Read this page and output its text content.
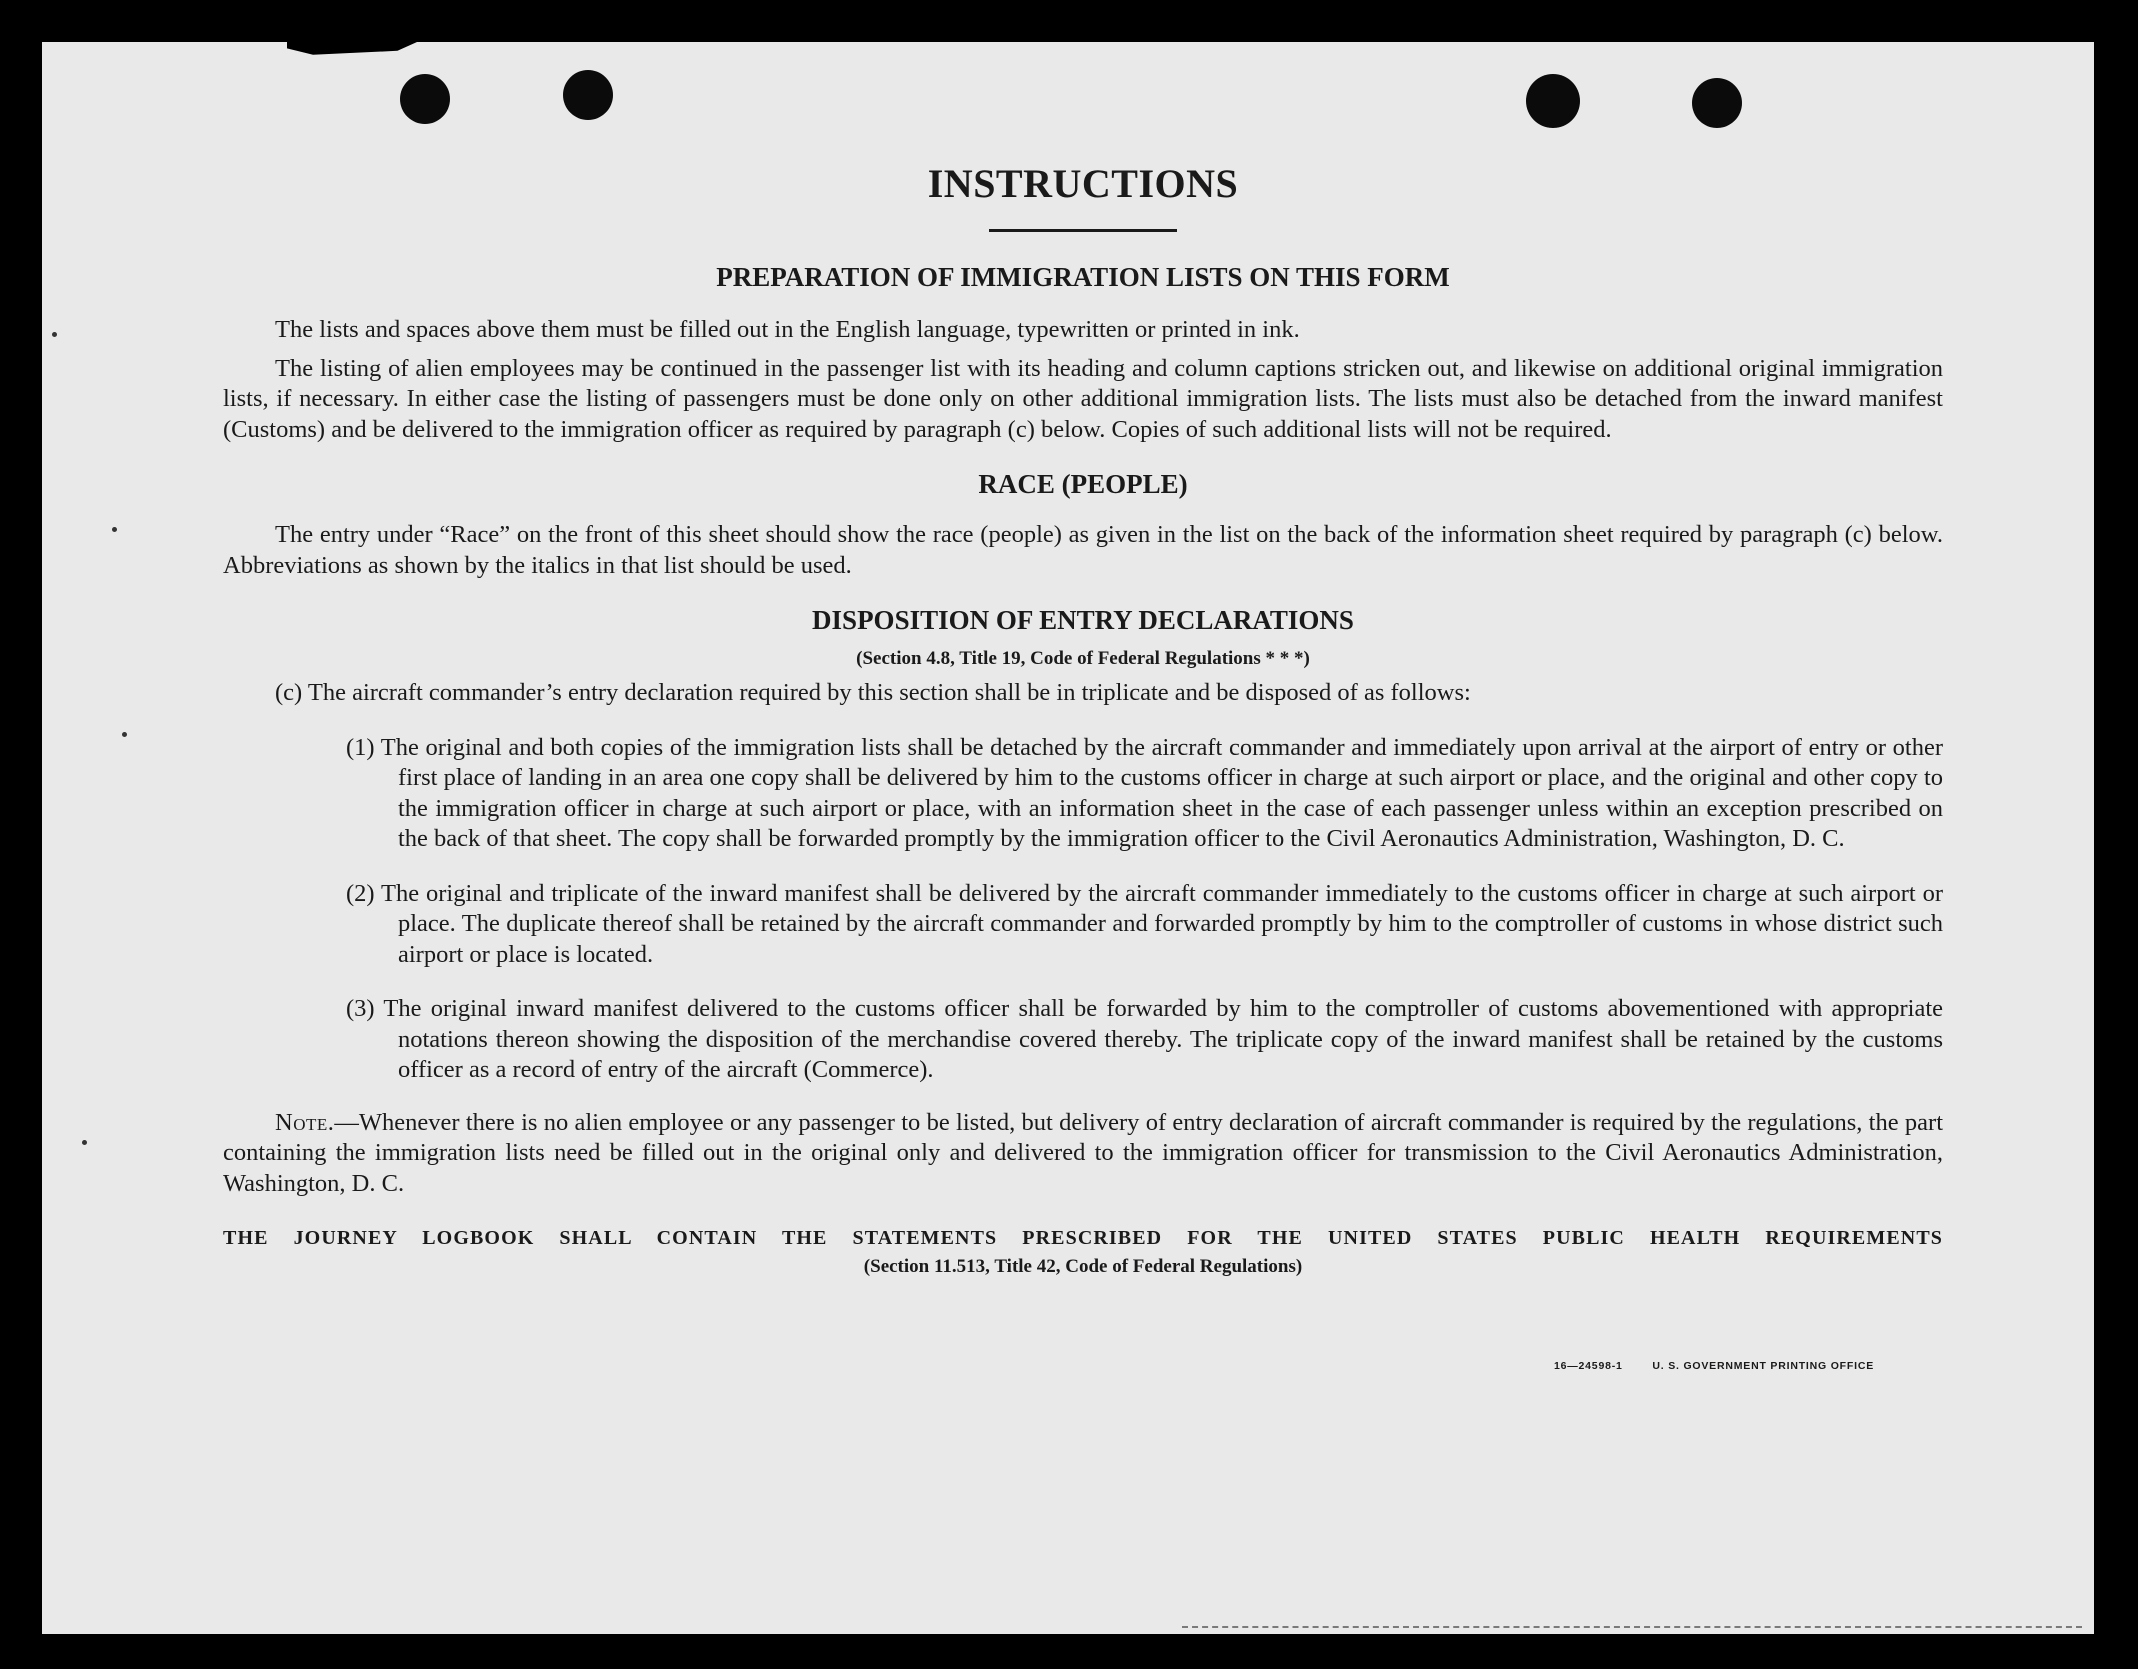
INSTRUCTIONS
PREPARATION OF IMMIGRATION LISTS ON THIS FORM

The lists and spaces above them must be filled out in the English language, typewritten or printed in ink.

The listing of alien employees may be continued in the passenger list with its heading and column captions stricken out, and likewise on additional original immigration lists, if necessary. In either case the listing of passengers must be done only on other additional immigration lists. The lists must also be detached from the inward manifest (Customs) and be delivered to the immigration officer as required by paragraph (c) below. Copies of such additional lists will not be required.

RACE (PEOPLE)

The entry under “Race” on the front of this sheet should show the race (people) as given in the list on the back of the information sheet required by paragraph (c) below. Abbreviations as shown by the italics in that list should be used.

DISPOSITION OF ENTRY DECLARATIONS
(Section 4.8, Title 19, Code of Federal Regulations * * *)

(c) The aircraft commander’s entry declaration required by this section shall be in triplicate and be disposed of as follows:

(1) The original and both copies of the immigration lists shall be detached by the aircraft commander and immediately upon arrival at the airport of entry or other first place of landing in an area one copy shall be delivered by him to the customs officer in charge at such airport or place, and the original and other copy to the immigration officer in charge at such airport or place, with an information sheet in the case of each passenger unless within an exception prescribed on the back of that sheet. The copy shall be forwarded promptly by the immigration officer to the Civil Aeronautics Administration, Washington, D. C.

(2) The original and triplicate of the inward manifest shall be delivered by the aircraft commander immediately to the customs officer in charge at such airport or place. The duplicate thereof shall be retained by the aircraft commander and forwarded promptly by him to the comptroller of customs in whose district such airport or place is located.

(3) The original inward manifest delivered to the customs officer shall be forwarded by him to the comptroller of customs abovementioned with appropriate notations thereon showing the disposition of the merchandise covered thereby. The triplicate copy of the inward manifest shall be retained by the customs officer as a record of entry of the aircraft (Commerce).

Note.—Whenever there is no alien employee or any passenger to be listed, but delivery of entry declaration of aircraft commander is required by the regulations, the part containing the immigration lists need be filled out in the original only and delivered to the immigration officer for transmission to the Civil Aeronautics Administration, Washington, D. C.

THE JOURNEY LOGBOOK SHALL CONTAIN THE STATEMENTS PRESCRIBED FOR THE UNITED STATES PUBLIC HEALTH REQUIREMENTS
(Section 11.513, Title 42, Code of Federal Regulations)
16—24598-1	U. S. GOVERNMENT PRINTING OFFICE
